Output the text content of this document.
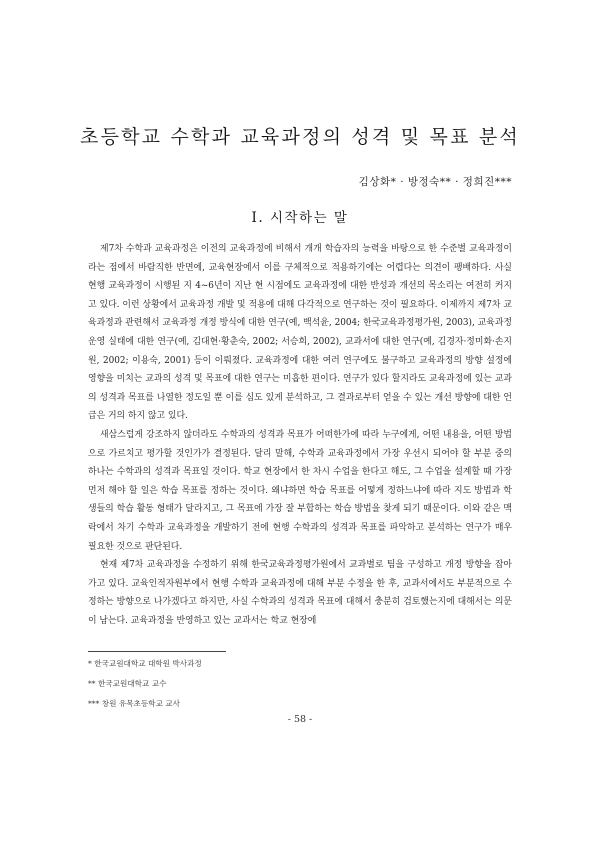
초등학교 수학과 교육과정의 성격 및 목표 분석
김상화* · 방정숙** · 정희진***
Ⅰ. 시작하는 말

제7차 수학과 교육과정은 이전의 교육과정에 비해서 개개 학습자의 능력을 바탕으로 한 수준별 교육과정이라는 점에서 바람직한 반면에, 교육현장에서 이를 구체적으로 적용하기에는 어렵다는 의견이 팽배하다. 사실 현행 교육과정이 시행된 지 4~6년이 지난 현 시점에도 교육과정에 대한 반성과 개선의 목소리는 여전히 커지고 있다. 이런 상황에서 교육과정 개발 및 적용에 대해 다각적으로 연구하는 것이 필요하다. 이제까지 제7차 교육과정과 관련해서 교육과정 개정 방식에 대한 연구(예, 백석윤, 2004; 한국교육과정평가원, 2003), 교육과정 운영 실태에 대한 연구(예, 김대현·황춘숙, 2002; 서승희, 2002), 교과서에 대한 연구(예, 김경자·정미화·손지원, 2002; 이용숙, 2001) 등이 이뤄졌다. 교육과정에 대한 여러 연구에도 불구하고 교육과정의 방향 설정에 영향을 미치는 교과의 성격 및 목표에 대한 연구는 미흡한 편이다. 연구가 있다 할지라도 교육과정에 있는 교과의 성격과 목표를 나열한 정도일 뿐 이를 심도 있게 분석하고, 그 결과로부터 얻을 수 있는 개선 방향에 대한 언급은 거의 하지 않고 있다.

새삼스럽게 강조하지 않더라도 수학과의 성격과 목표가 어떠한가에 따라 누구에게, 어떤 내용을, 어떤 방법으로 가르치고 평가할 것인가가 결정된다. 달리 말해, 수학과 교육과정에서 가장 우선시 되어야 할 부분 중의 하나는 수학과의 성격과 목표일 것이다. 학교 현장에서 한 차시 수업을 한다고 해도, 그 수업을 설계할 때 가장 먼저 해야 할 일은 학습 목표를 정하는 것이다. 왜냐하면 학습 목표를 어떻게 정하느냐에 따라 지도 방법과 학생들의 학습 활동 형태가 달라지고, 그 목표에 가장 잘 부합하는 학습 방법을 찾게 되기 때문이다. 이와 같은 맥락에서 차기 수학과 교육과정을 개발하기 전에 현행 수학과의 성격과 목표를 파악하고 분석하는 연구가 매우 필요한 것으로 판단된다.

현재 제7차 교육과정을 수정하기 위해 한국교육과정평가원에서 교과별로 팀을 구성하고 개정 방향을 잡아가고 있다. 교육인적자원부에서 현행 수학과 교육과정에 대해 부분 수정을 한 후, 교과서에서도 부분적으로 수정하는 방향으로 나가겠다고 하지만, 사실 수학과의 성격과 목표에 대해서 충분히 검토했는지에 대해서는 의문이 남는다. 교육과정을 반영하고 있는 교과서는 학교 현장에

* 한국교원대학교 대학원 박사과정
** 한국교원대학교 교수
*** 창원 유목초등학교 교사
- 58 -
